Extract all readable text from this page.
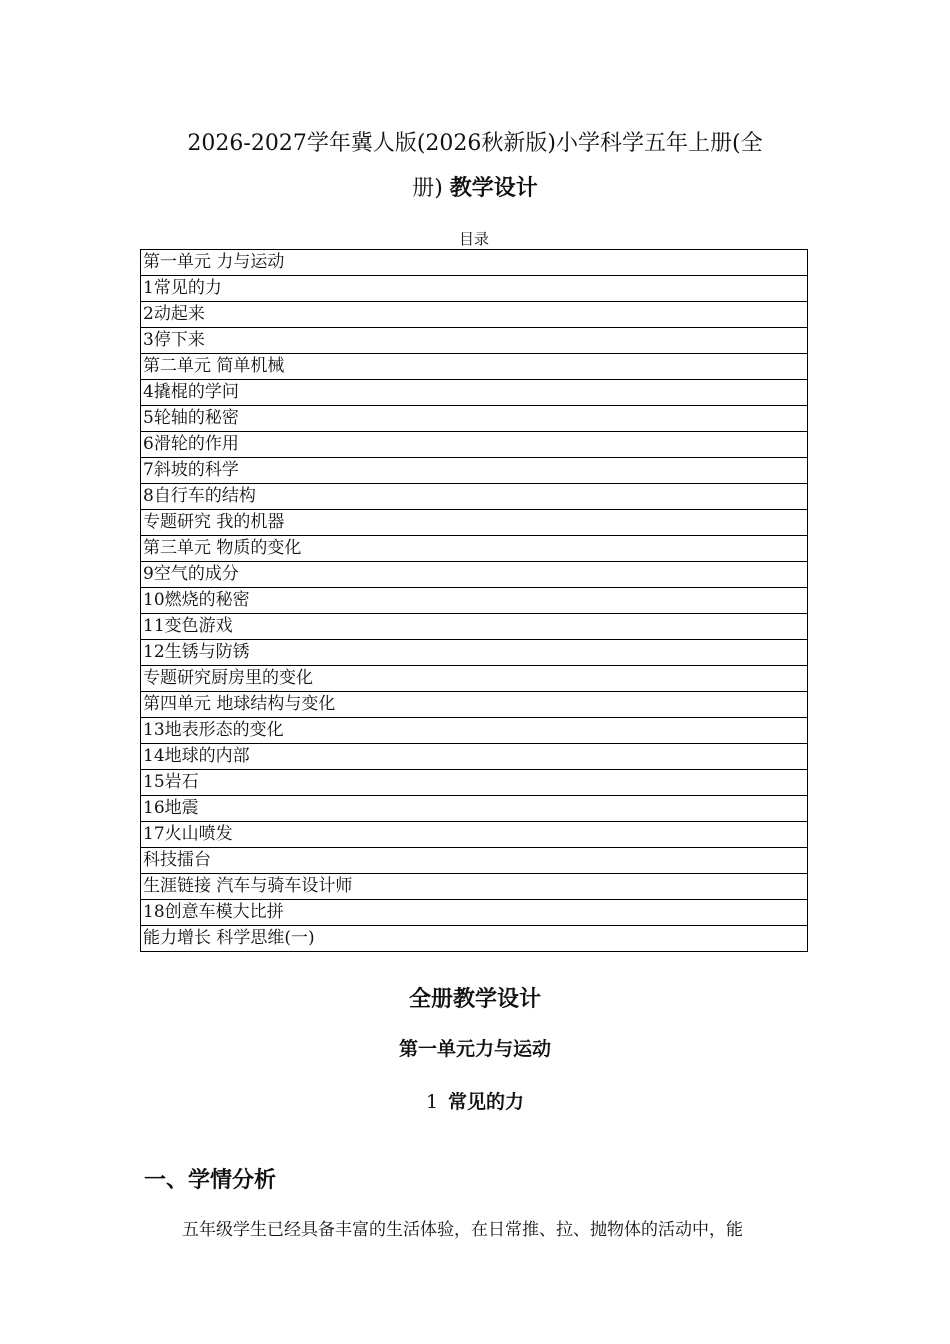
2026-2027学年冀人版(2026秋新版)小学科学五年上册(全
册) 教学设计
目录
第一单元 力与运动
1常见的力
2动起来
3停下来
第二单元 简单机械
4撬棍的学问
5轮轴的秘密
6滑轮的作用
7斜坡的科学
8自行车的结构
专题研究 我的机器
第三单元 物质的变化
9空气的成分
10燃烧的秘密
11变色游戏
12生锈与防锈
专题研究厨房里的变化
第四单元 地球结构与变化
13地表形态的变化
14地球的内部
15岩石
16地震
17火山喷发
科技擂台
生涯链接 汽车与骑车设计师
18创意车模大比拼
能力增长 科学思维(一)
全册教学设计
第一单元力与运动
1 常见的力
一、学情分析
五年级学生已经具备丰富的生活体验，在日常推、拉、抛物体的活动中，能
